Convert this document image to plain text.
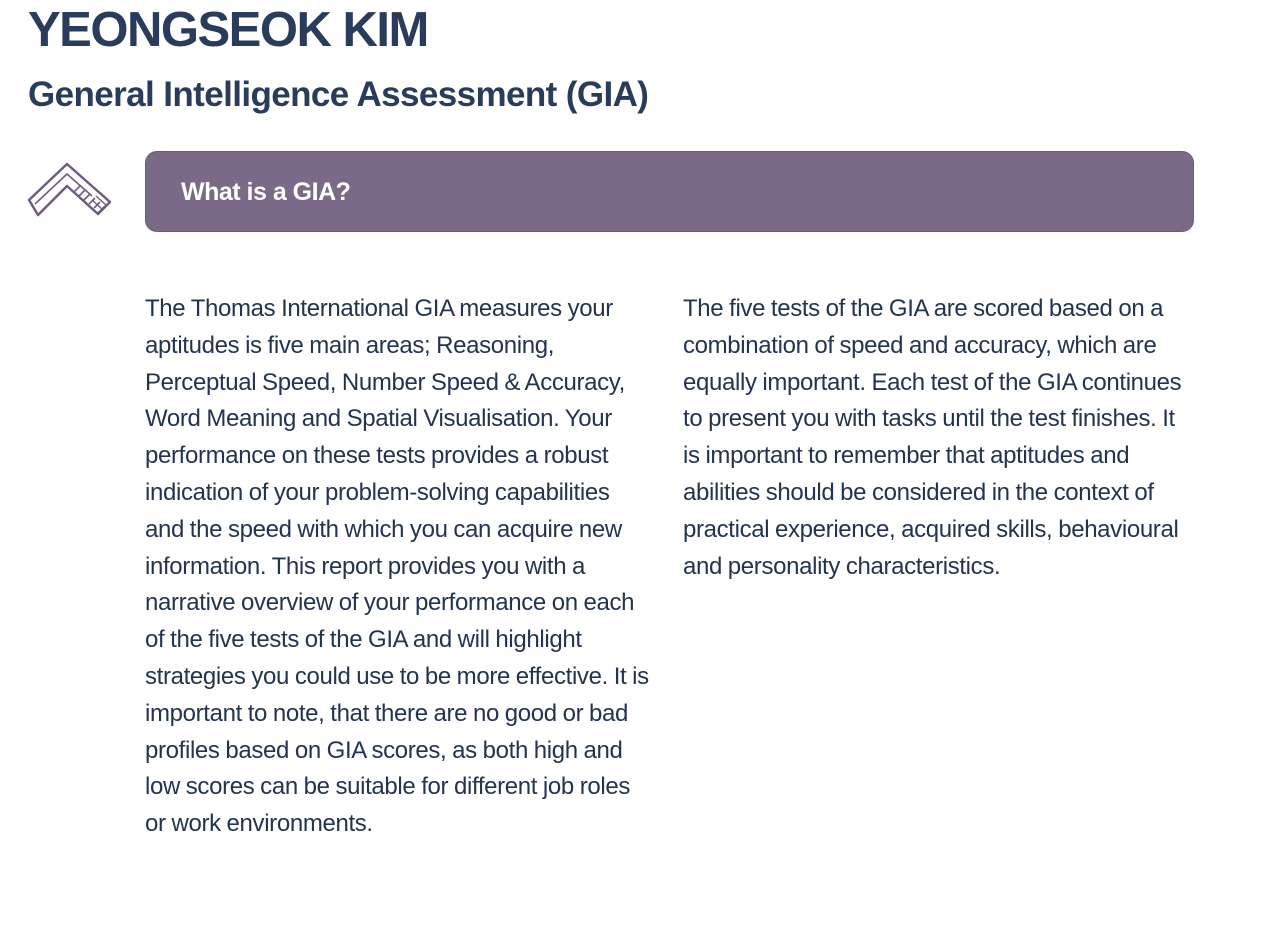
YEONGSEOK KIM
General Intelligence Assessment (GIA)
What is a GIA?

The Thomas International GIA measures your aptitudes is five main areas; Reasoning, Perceptual Speed, Number Speed & Accuracy, Word Meaning and Spatial Visualisation. Your performance on these tests provides a robust indication of your problem-solving capabilities and the speed with which you can acquire new information. This report provides you with a narrative overview of your performance on each of the five tests of the GIA and will highlight strategies you could use to be more effective. It is important to note, that there are no good or bad profiles based on GIA scores, as both high and low scores can be suitable for different job roles or work environments.

The five tests of the GIA are scored based on a combination of speed and accuracy, which are equally important. Each test of the GIA continues to present you with tasks until the test finishes. It is important to remember that aptitudes and abilities should be considered in the context of practical experience, acquired skills, behavioural and personality characteristics.
